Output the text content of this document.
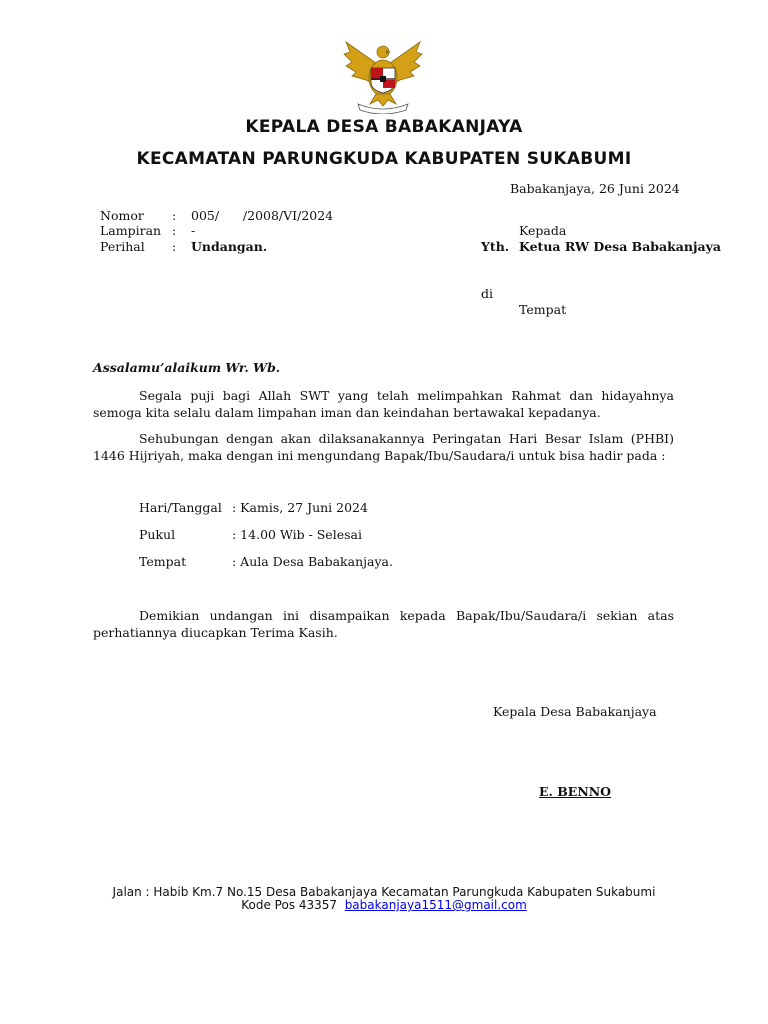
KEPALA DESA BABAKANJAYA
KECAMATAN PARUNGKUDA KABUPATEN SUKABUMI
Babakanjaya, 26 Juni 2024
Nomor : 005/      /2008/VI/2024
Lampiran : -
Perihal : Undangan.
Kepada
Yth. Ketua RW Desa Babakanjaya
di
Tempat
Assalamu’alaikum Wr. Wb.
Segala puji bagi Allah SWT yang telah melimpahkan Rahmat dan hidayahnya semoga kita selalu dalam limpahan iman dan keindahan bertawakal kepadanya.
Sehubungan dengan akan dilaksanakannya Peringatan Hari Besar Islam (PHBI) 1446 Hijriyah, maka dengan ini mengundang Bapak/Ibu/Saudara/i untuk bisa hadir pada :
Hari/Tanggal : Kamis, 27 Juni 2024
Pukul	: 14.00 Wib - Selesai
Tempat	: Aula Desa Babakanjaya.
Demikian undangan ini disampaikan kepada Bapak/Ibu/Saudara/i sekian atas perhatiannya diucapkan Terima Kasih.
Kepala Desa Babakanjaya
E. BENNO
Jalan : Habib Km.7 No.15 Desa Babakanjaya Kecamatan Parungkuda Kabupaten Sukabumi
Kode Pos 43357 babakanjaya1511@gmail.com
